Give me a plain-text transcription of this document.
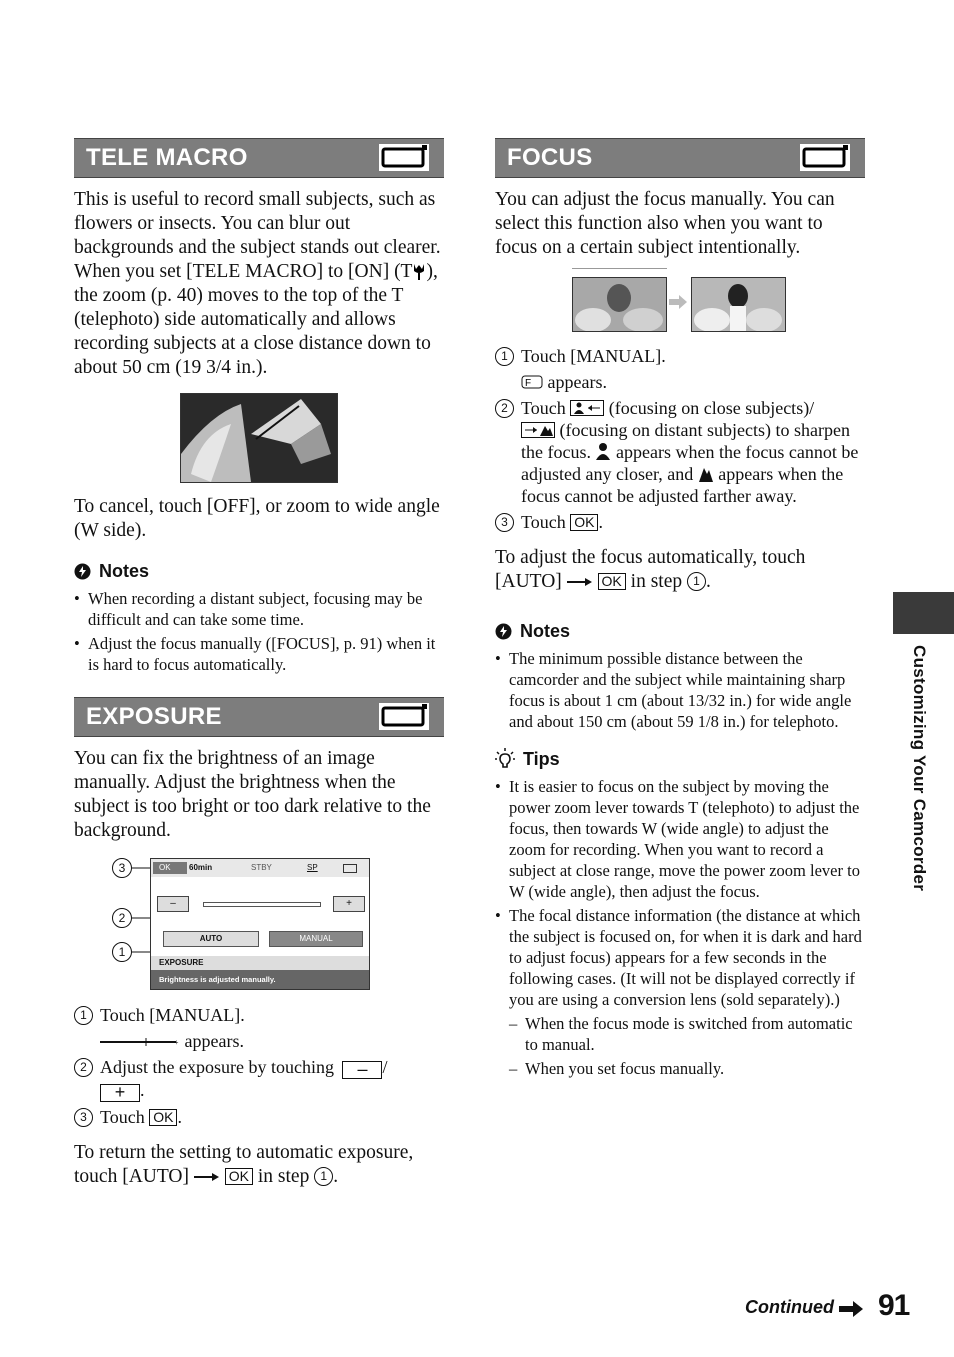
TELE MACRO

This is useful to record small subjects, such as flowers or insects. You can blur out backgrounds and the subject stands out clearer.

When you set [TELE MACRO] to [ON] (T ), the zoom (p. 40) moves to the top of the T (telephoto) side automatically and allows recording subjects at a close distance down to about 50 cm (19 3/4 in.).

To cancel, touch [OFF], or zoom to wide angle (W side).

Notes

• When recording a distant subject, focusing may be difficult and can take some time.

• Adjust the focus manually ([FOCUS], p. 91) when it is hard to focus automatically.

EXPOSURE

You can fix the brightness of an image manually. Adjust the brightness when the subject is too bright or too dark relative to the background.

3
2
1
OK	60min	STBY	SP
–	+
AUTO	MANUAL
EXPOSURE
Brightness is adjusted manually.

1 Touch [MANUAL].

+ appears.

2 Adjust the exposure by touching – /
+ .

3 Touch OK .

To return the setting to automatic exposure, touch [AUTO]	OK in step 1 .

FOCUS

You can adjust the focus manually. You can select this function also when you want to focus on a certain subject intentionally.

1 Touch [MANUAL].

F appears.

2 Touch (focusing on close subjects)/
(focusing on distant subjects) to sharpen the focus. appears when the focus cannot be adjusted any closer, and appears when the focus cannot be adjusted farther away.

3 Touch OK .

To adjust the focus automatically, touch [AUTO]	OK in step 1 .

Notes

• The minimum possible distance between the camcorder and the subject while maintaining sharp focus is about 1 cm (about 13/32 in.) for wide angle and about 150 cm (about 59 1/8 in.) for telephoto.

Tips

• It is easier to focus on the subject by moving the power zoom lever towards T (telephoto) to adjust the focus, then towards W (wide angle) to adjust the zoom for recording. When you want to record a subject at close range, move the power zoom lever to W (wide angle), then adjust the focus.

• The focal distance information (the distance at which the subject is focused on, for when it is dark and hard to adjust focus) appears for a few seconds in the following cases. (It will not be displayed correctly if you are using a conversion lens (sold separately).)

– When the focus mode is switched from automatic to manual.

– When you set focus manually.

Customizing Your Camcorder
Continued 91
